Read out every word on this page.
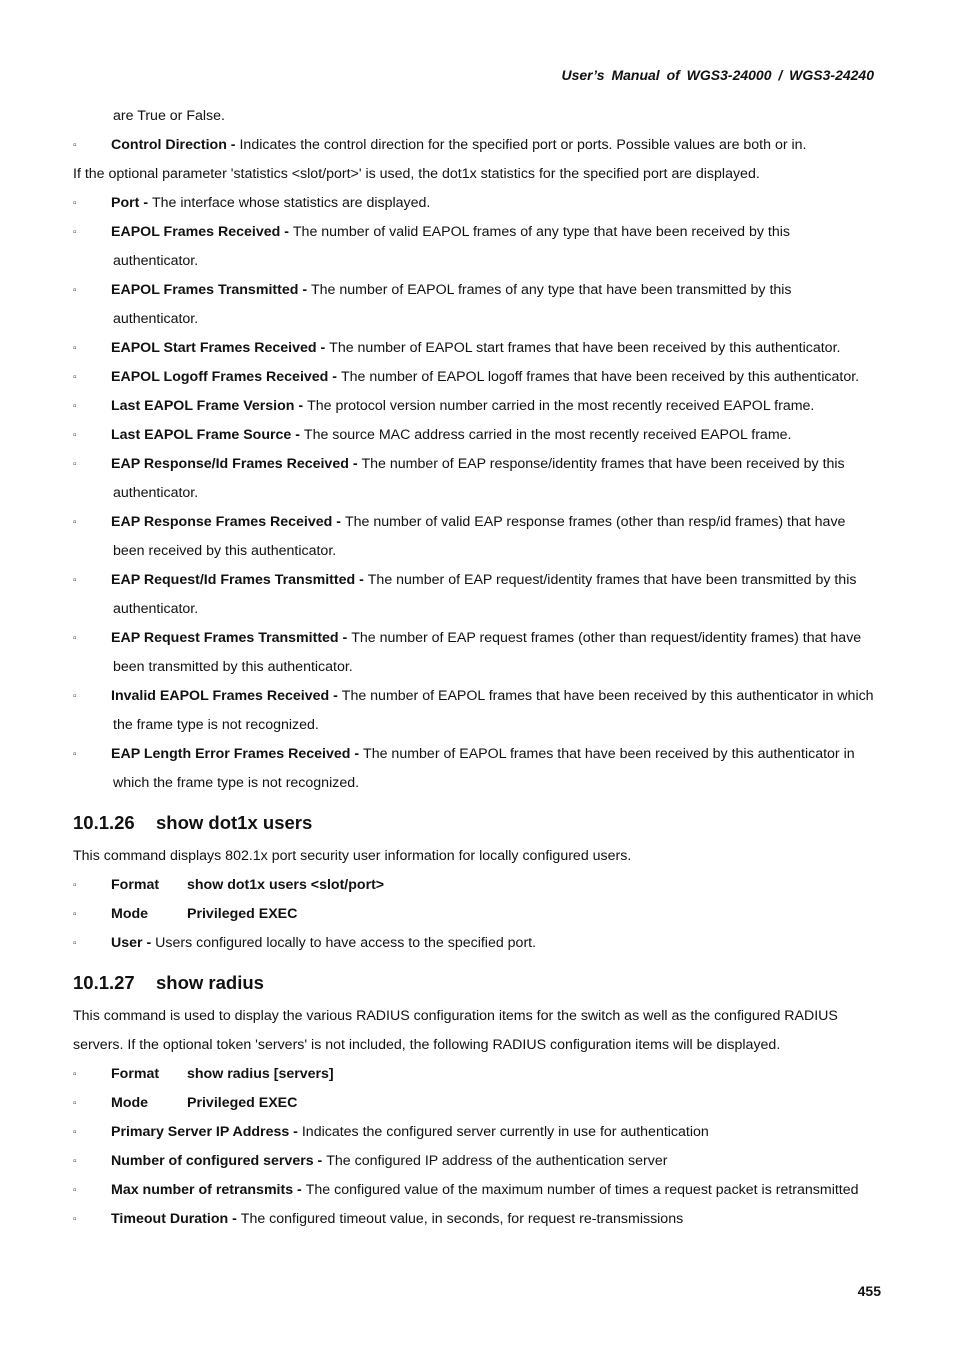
User’s Manual of WGS3-24000 / WGS3-24240
are True or False.
▫ Control Direction - Indicates the control direction for the specified port or ports. Possible values are both or in.
If the optional parameter 'statistics <slot/port>' is used, the dot1x statistics for the specified port are displayed.
▫ Port - The interface whose statistics are displayed.
▫ EAPOL Frames Received - The number of valid EAPOL frames of any type that have been received by this
authenticator.
▫ EAPOL Frames Transmitted - The number of EAPOL frames of any type that have been transmitted by this
authenticator.
▫ EAPOL Start Frames Received - The number of EAPOL start frames that have been received by this authenticator.
▫ EAPOL Logoff Frames Received - The number of EAPOL logoff frames that have been received by this authenticator.
▫ Last EAPOL Frame Version - The protocol version number carried in the most recently received EAPOL frame.
▫ Last EAPOL Frame Source - The source MAC address carried in the most recently received EAPOL frame.
▫ EAP Response/Id Frames Received - The number of EAP response/identity frames that have been received by this
authenticator.
▫ EAP Response Frames Received - The number of valid EAP response frames (other than resp/id frames) that have
been received by this authenticator.
▫ EAP Request/Id Frames Transmitted - The number of EAP request/identity frames that have been transmitted by this
authenticator.
▫ EAP Request Frames Transmitted - The number of EAP request frames (other than request/identity frames) that have
been transmitted by this authenticator.
▫ Invalid EAPOL Frames Received - The number of EAPOL frames that have been received by this authenticator in which
the frame type is not recognized.
▫ EAP Length Error Frames Received - The number of EAPOL frames that have been received by this authenticator in
which the frame type is not recognized.
10.1.26 show dot1x users
This command displays 802.1x port security user information for locally configured users.
▫ Format show dot1x users <slot/port>
▫ Mode	Privileged EXEC
▫ User - Users configured locally to have access to the specified port.
10.1.27 show radius
This command is used to display the various RADIUS configuration items for the switch as well as the configured RADIUS
servers. If the optional token 'servers' is not included, the following RADIUS configuration items will be displayed.
▫ Format show radius [servers]
▫ Mode	Privileged EXEC
▫ Primary Server IP Address - Indicates the configured server currently in use for authentication
▫ Number of configured servers - The configured IP address of the authentication server
▫ Max number of retransmits - The configured value of the maximum number of times a request packet is retransmitted
▫ Timeout Duration - The configured timeout value, in seconds, for request re-transmissions
455
